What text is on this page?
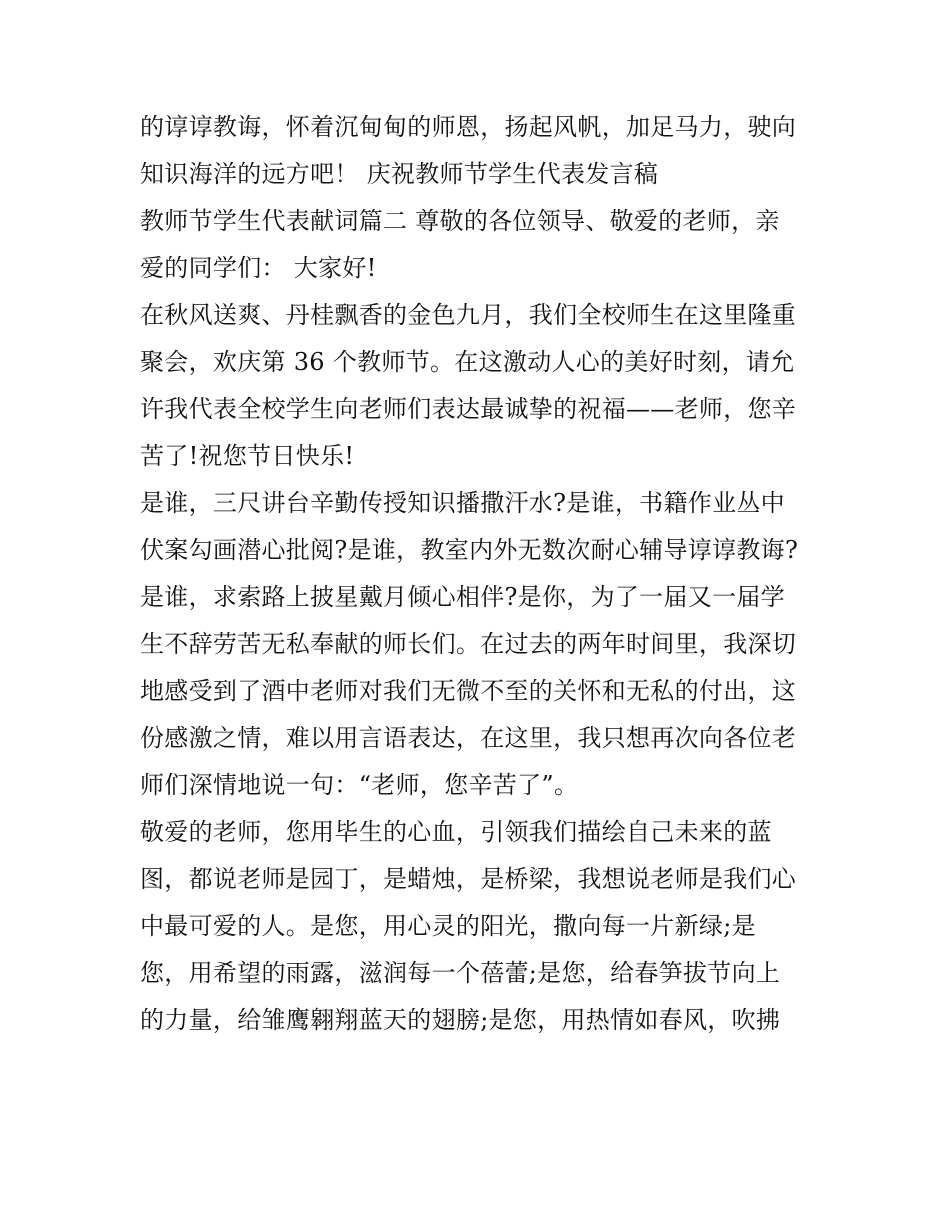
的谆谆教诲，怀着沉甸甸的师恩，扬起风帆，加足马力，驶向
知识海洋的远方吧！ 庆祝教师节学生代表发言稿
教师节学生代表献词篇二 尊敬的各位领导、敬爱的老师，亲
爱的同学们： 大家好!
在秋风送爽、丹桂飘香的金色九月，我们全校师生在这里隆重
聚会，欢庆第 36 个教师节。在这激动人心的美好时刻，请允
许我代表全校学生向老师们表达最诚挚的祝福——老师，您辛
苦了!祝您节日快乐!
是谁，三尺讲台辛勤传授知识播撒汗水?是谁，书籍作业丛中
伏案勾画潜心批阅?是谁，教室内外无数次耐心辅导谆谆教诲?
是谁，求索路上披星戴月倾心相伴?是你，为了一届又一届学
生不辞劳苦无私奉献的师长们。在过去的两年时间里，我深切
地感受到了酒中老师对我们无微不至的关怀和无私的付出，这
份感激之情，难以用言语表达，在这里，我只想再次向各位老
师们深情地说一句：“老师，您辛苦了”。
敬爱的老师，您用毕生的心血，引领我们描绘自己未来的蓝
图，都说老师是园丁，是蜡烛，是桥梁，我想说老师是我们心
中最可爱的人。是您，用心灵的阳光，撒向每一片新绿;是
您，用希望的雨露，滋润每一个蓓蕾;是您，给春笋拔节向上
的力量，给雏鹰翱翔蓝天的翅膀;是您，用热情如春风，吹拂
